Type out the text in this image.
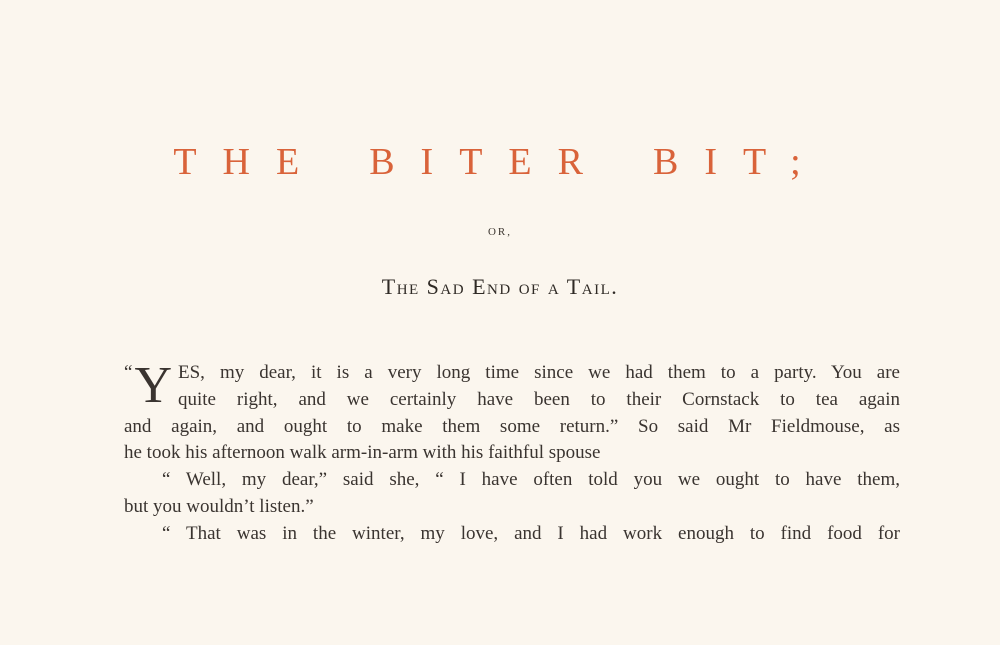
THE BITER BIT;
OR,
The Sad End of a Tail.

“ Y ES, my dear, it is a very long time since we had them to a party. You are
quite right, and we certainly have been to their Cornstack to tea again

and again, and ought to make them some return.” So said Mr Fieldmouse, as

he took his afternoon walk arm-in-arm with his faithful spouse

“ Well, my dear,” said she, “ I have often told you we ought to have them,

but you wouldn’t listen.”

“ That was in the winter, my love, and I had work enough to find food for
